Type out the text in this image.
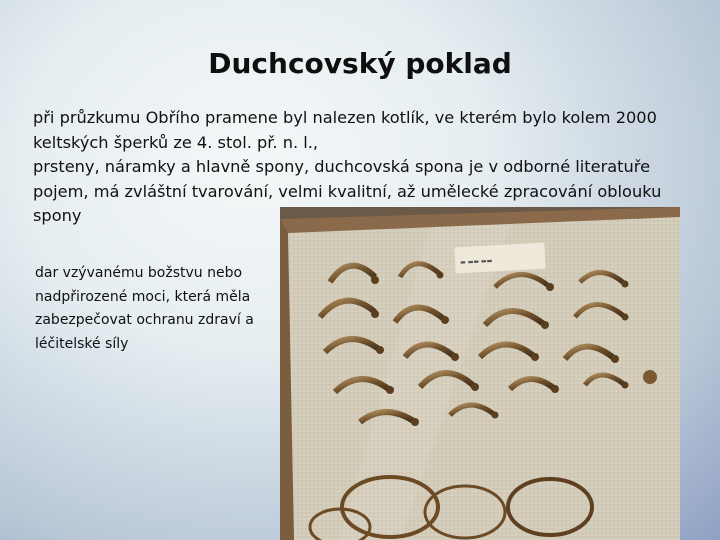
Duchcovský poklad

při průzkumu Obřího pramene byl nalezen kotlík, ve kterém bylo kolem 2000 keltských šperků ze 4. stol. př. n. l.,

prsteny, náramky a hlavně spony, duchcovská spona je v odborné literatuře pojem, má zvláštní tvarování, velmi kvalitní, až umělecké zpracování oblouku spony

dar vzývanému božstvu nebo nadpřirozené moci, která měla zabezpečovat ochranu zdraví a léčitelské síly
▬ ▬▬ ▬▬
